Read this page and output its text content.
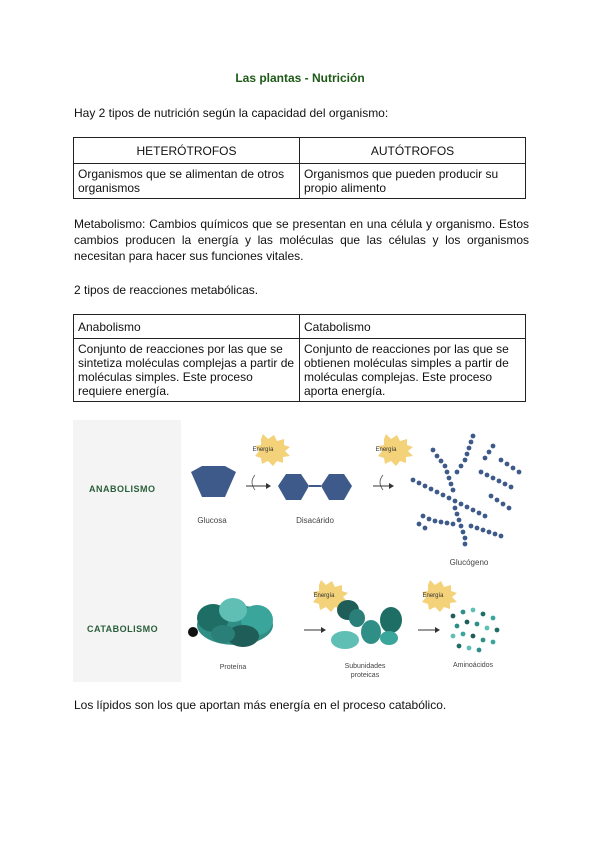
Las plantas - Nutrición
Hay 2 tipos de nutrición según la capacidad del organismo:
HETERÓTROFOS	AUTÓTROFOS
Organismos que se alimentan de otros organismos	Organismos que pueden producir su propio alimento
Metabolismo: Cambios químicos que se presentan en una célula y organismo. Estos cambios producen la energía y las moléculas que las células y los organismos necesitan para hacer sus funciones vitales.
2 tipos de reacciones metabólicas.
Anabolismo	Catabolismo
Conjunto de reacciones por las que se sintetiza moléculas complejas a partir de moléculas simples. Este proceso requiere energía.	Conjunto de reacciones por las que se obtienen moléculas simples a partir de moléculas complejas. Este proceso aporta energía.
ANABOLISMO
Glucosa
Energía
Disacárido
Energía
Glucógeno
CATABOLISMO
Proteína
Energía
Subunidades
proteicas
Energía
Aminoácidos
Los lípidos son los que aportan más energía en el proceso catabólico.
